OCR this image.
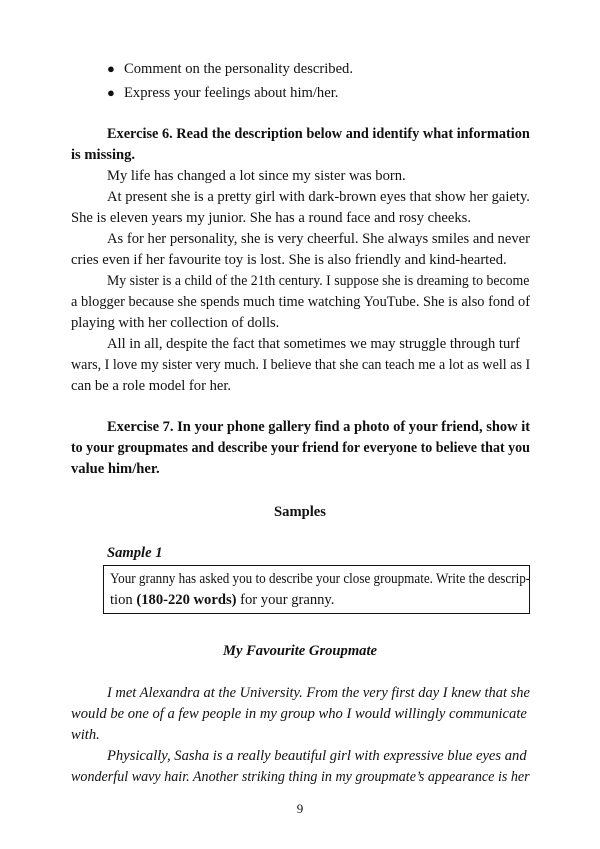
● Comment on the personality described.
● Express your feelings about him/her.
Exercise 6. Read the description below and identify what information
is missing.
My life has changed a lot since my sister was born.
At present she is a pretty girl with dark-brown eyes that show her gaiety.
She is eleven years my junior. She has a round face and rosy cheeks.
As for her personality, she is very cheerful. She always smiles and never
cries even if her favourite toy is lost. She is also friendly and kind-hearted.
My sister is a child of the 21th century. I suppose she is dreaming to become
a blogger because she spends much time watching YouTube. She is also fond of
playing with her collection of dolls.
All in all, despite the fact that sometimes we may struggle through turf
wars, I love my sister very much. I believe that she can teach me a lot as well as I
can be a role model for her.
Exercise 7. In your phone gallery find a photo of your friend, show it
to your groupmates and describe your friend for everyone to believe that you
value him/her.
Samples
Sample 1
Your granny has asked you to describe your close groupmate. Write the descrip-
tion (180-220 words) for your granny.
My Favourite Groupmate
I met Alexandra at the University. From the very first day I knew that she
would be one of a few people in my group who I would willingly communicate
with.
Physically, Sasha is a really beautiful girl with expressive blue eyes and
wonderful wavy hair. Another striking thing in my groupmate’s appearance is her
9
